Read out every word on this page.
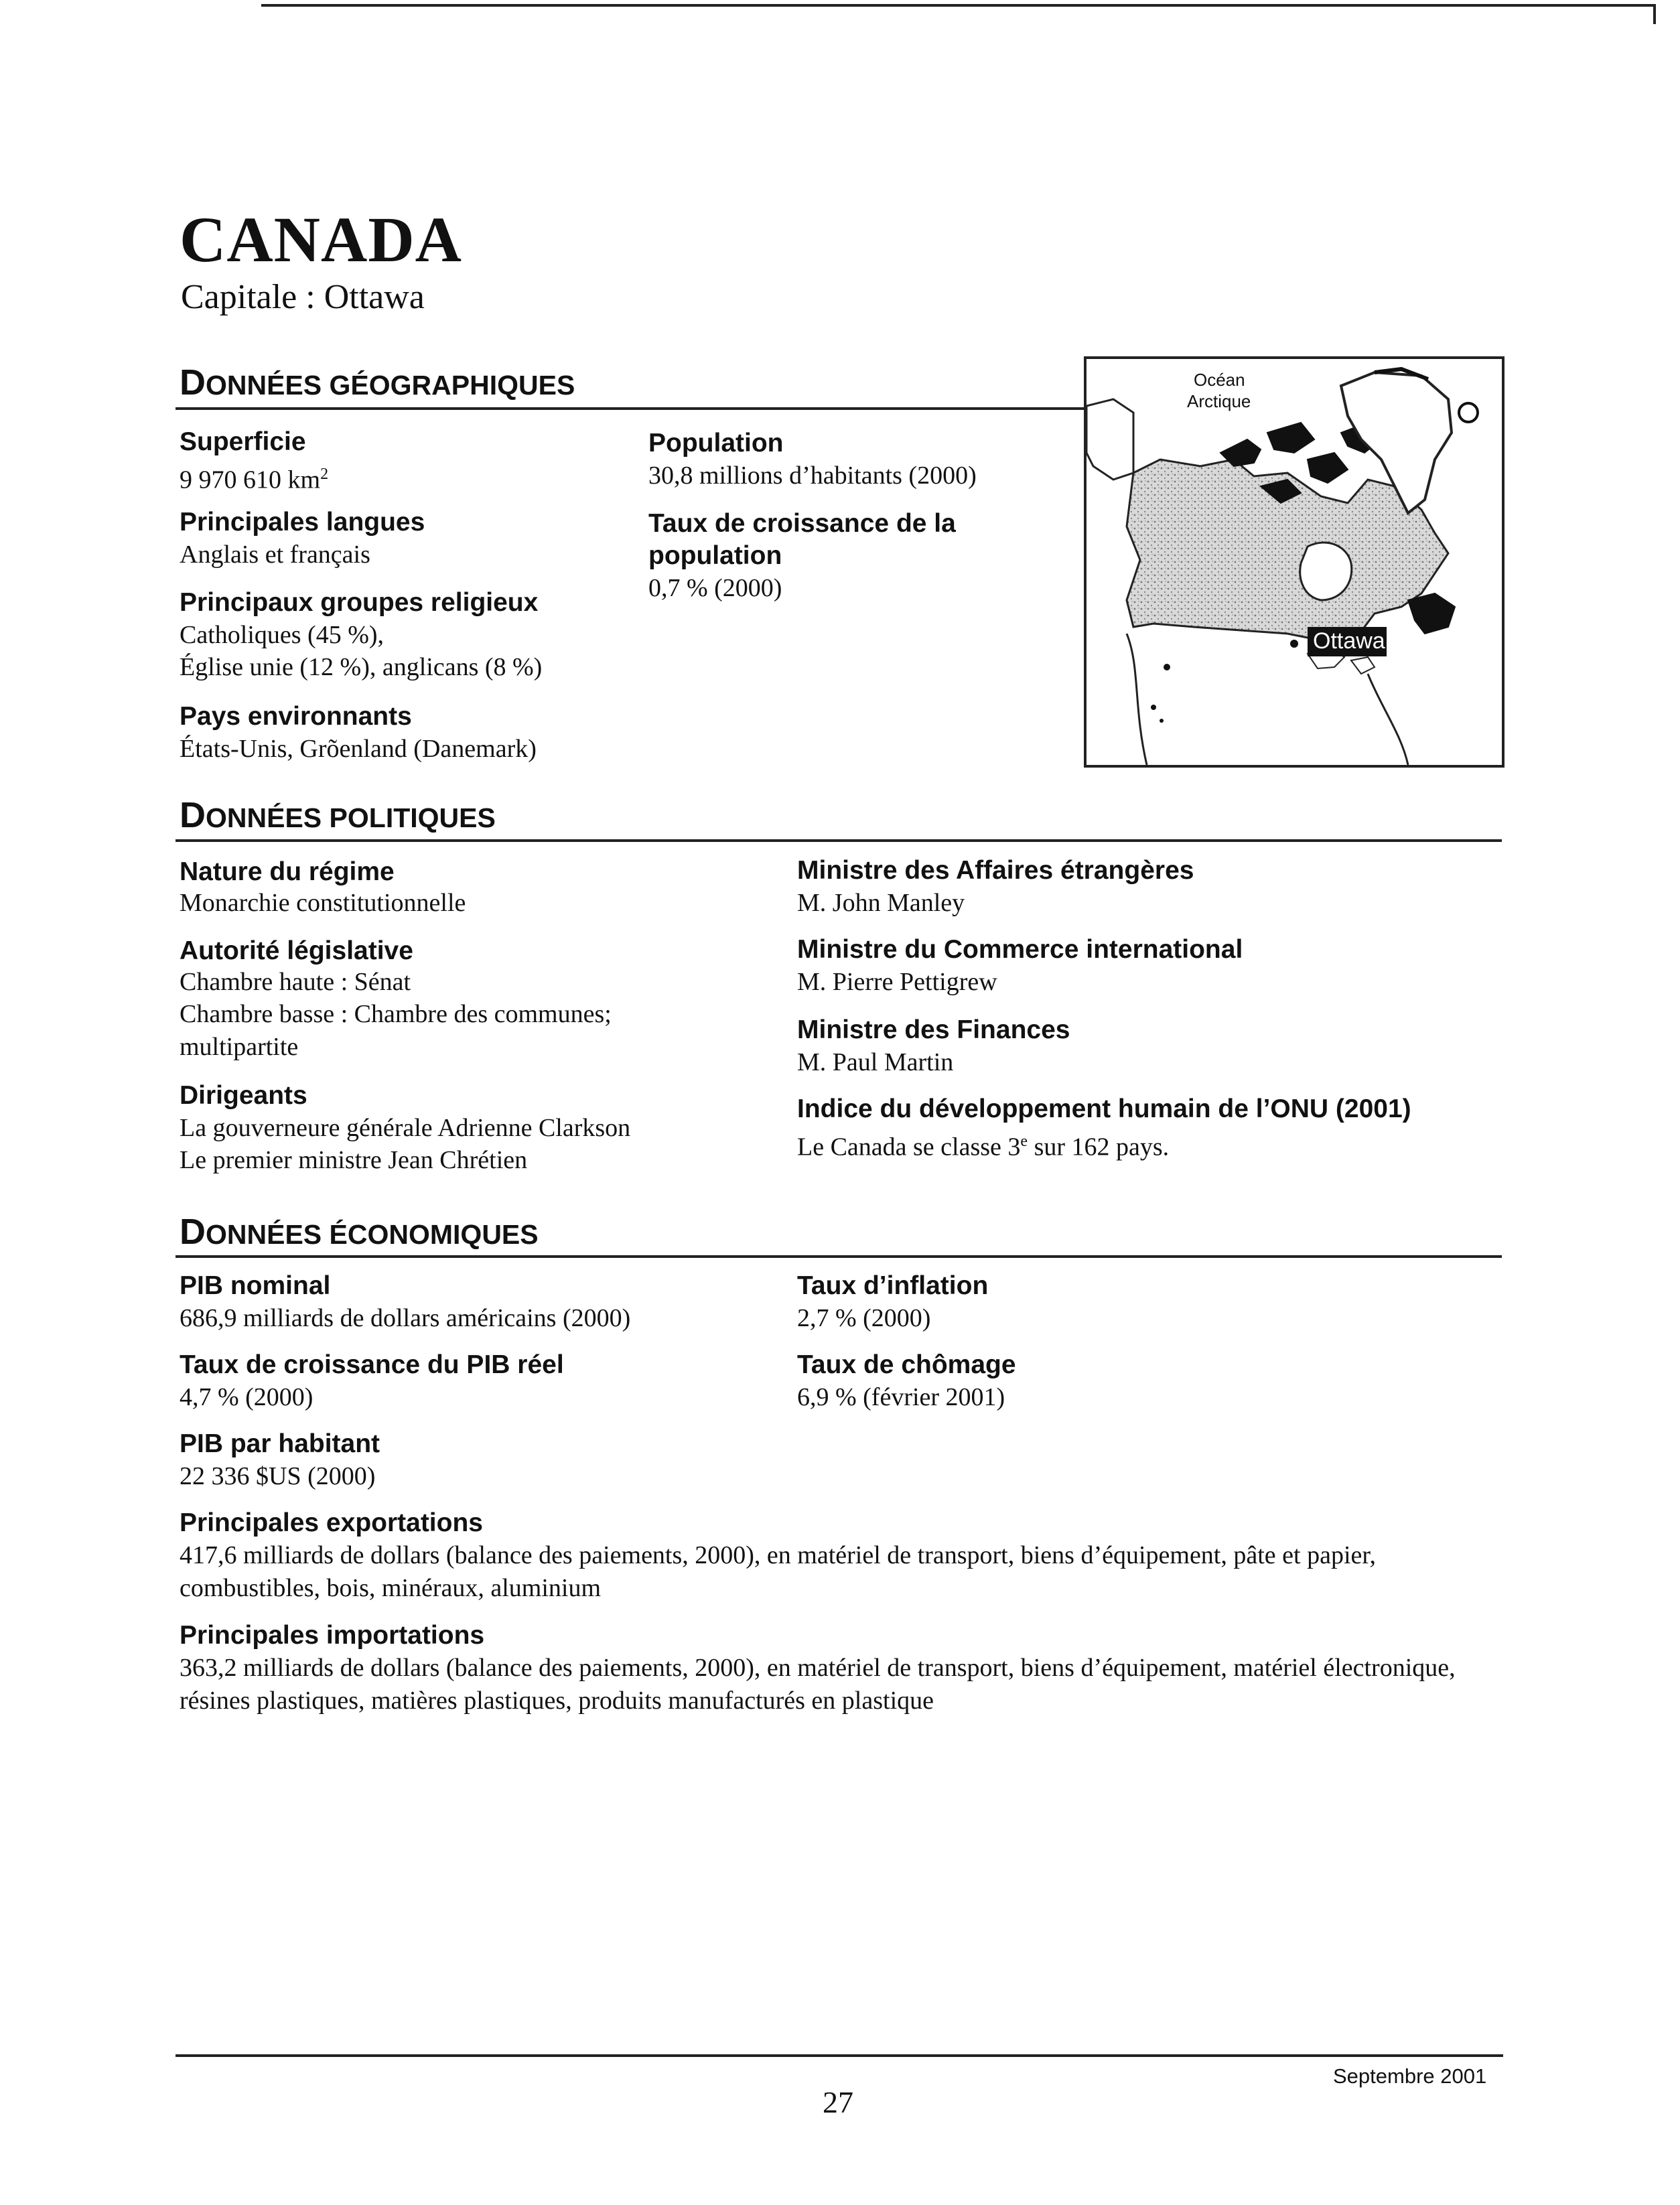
CANADA
Capitale : Ottawa
DONNÉES GÉOGRAPHIQUES
Superficie
9 970 610 $km^2$
Principales langues
Anglais et français
Principaux groupes religieux
Catholiques (45 %),
Église unie (12 %), anglicans (8 %)
Pays environnants
États-Unis, Grõenland (Danemark)
Population
30,8 millions d’habitants (2000)
Taux de croissance de la
population
0,7 % (2000)
Ottawa
Océan
Arctique
DONNÉES POLITIQUES
Nature du régime
Monarchie constitutionnelle
Autorité législative
Chambre haute : Sénat
Chambre basse : Chambre des communes; multipartite
Dirigeants
La gouverneure générale Adrienne Clarkson
Le premier ministre Jean Chrétien
Ministre des Affaires étrangères
M. John Manley
Ministre du Commerce international
M. Pierre Pettigrew
Ministre des Finances
M. Paul Martin
Indice du développement humain de l’ONU (2001)
Le Canada se classe 3e sur 162 pays.
DONNÉES ÉCONOMIQUES
PIB nominal
686,9 milliards de dollars américains (2000)
Taux de croissance du PIB réel
4,7 % (2000)
PIB par habitant
22 336 $US (2000)
Taux d’inflation
2,7 % (2000)
Taux de chômage
6,9 % (février 2001)
Principales exportations
417,6 milliards de dollars (balance des paiements, 2000), en matériel de transport, biens d’équipement, pâte et papier, combustibles, bois, minéraux, aluminium
Principales importations
363,2 milliards de dollars (balance des paiements, 2000), en matériel de transport, biens d’équipement, matériel électronique, résines plastiques, matières plastiques, produits manufacturés en plastique
Septembre 2001
27
